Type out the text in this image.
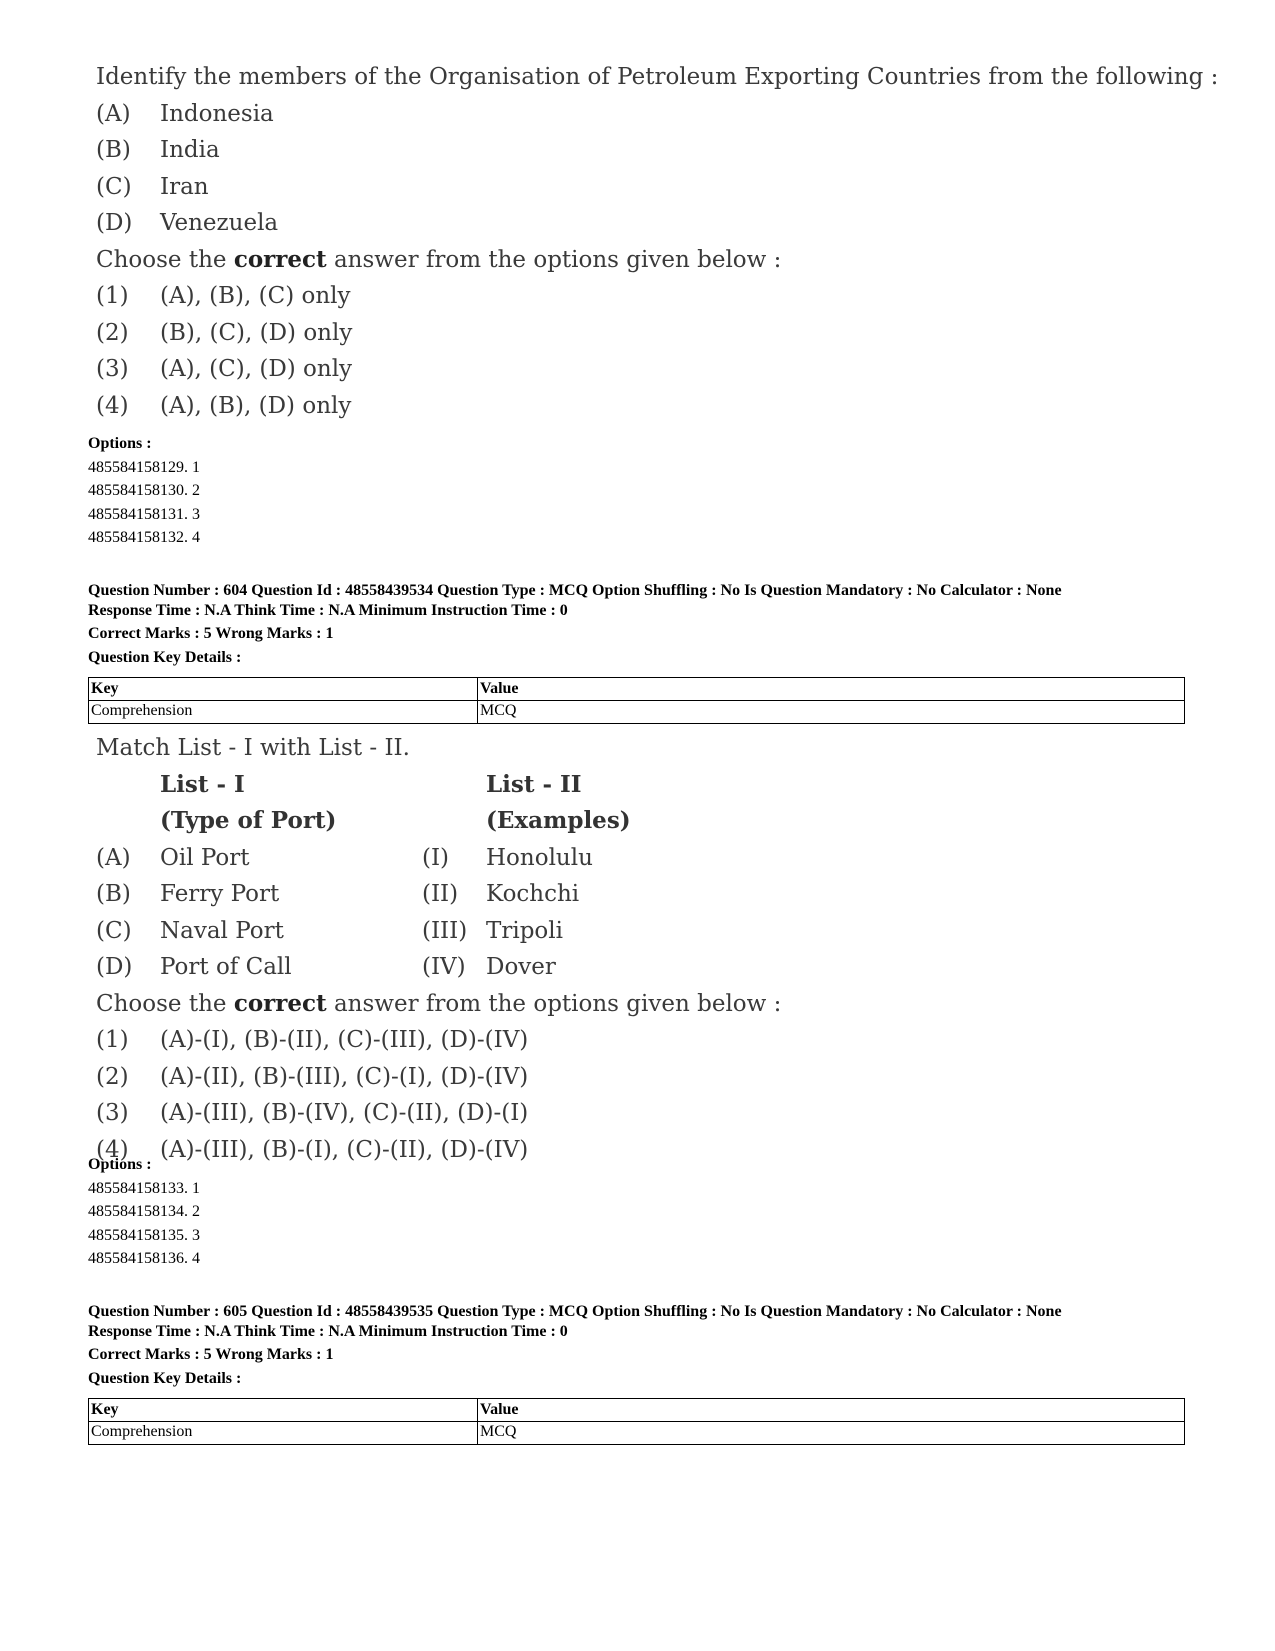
Identify the members of the Organisation of Petroleum Exporting Countries from the following :
(A) Indonesia
(B) India
(C) Iran
(D) Venezuela
Choose the correct answer from the options given below :
(1) (A), (B), (C) only
(2) (B), (C), (D) only
(3) (A), (C), (D) only
(4) (A), (B), (D) only
Options :
485584158129. 1
485584158130. 2
485584158131. 3
485584158132. 4
Question Number : 604 Question Id : 48558439534 Question Type : MCQ Option Shuffling : No Is Question Mandatory : No Calculator : None
Response Time : N.A Think Time : N.A Minimum Instruction Time : 0
Correct Marks : 5 Wrong Marks : 1
Question Key Details :
Key	Value
Comprehension	MCQ
Match List - I with List - II.
List - I	List - II
(Type of Port)	(Examples)
(A) Oil Port	(I) Honolulu
(B) Ferry Port	(II) Kochchi
(C) Naval Port	(III) Tripoli
(D) Port of Call	(IV) Dover
Choose the correct answer from the options given below :
(1) (A)-(I), (B)-(II), (C)-(III), (D)-(IV)
(2) (A)-(II), (B)-(III), (C)-(I), (D)-(IV)
(3) (A)-(III), (B)-(IV), (C)-(II), (D)-(I)
(4) (A)-(III), (B)-(I), (C)-(II), (D)-(IV)
Options :
485584158133. 1
485584158134. 2
485584158135. 3
485584158136. 4
Question Number : 605 Question Id : 48558439535 Question Type : MCQ Option Shuffling : No Is Question Mandatory : No Calculator : None
Response Time : N.A Think Time : N.A Minimum Instruction Time : 0
Correct Marks : 5 Wrong Marks : 1
Question Key Details :
Key	Value
Comprehension	MCQ
